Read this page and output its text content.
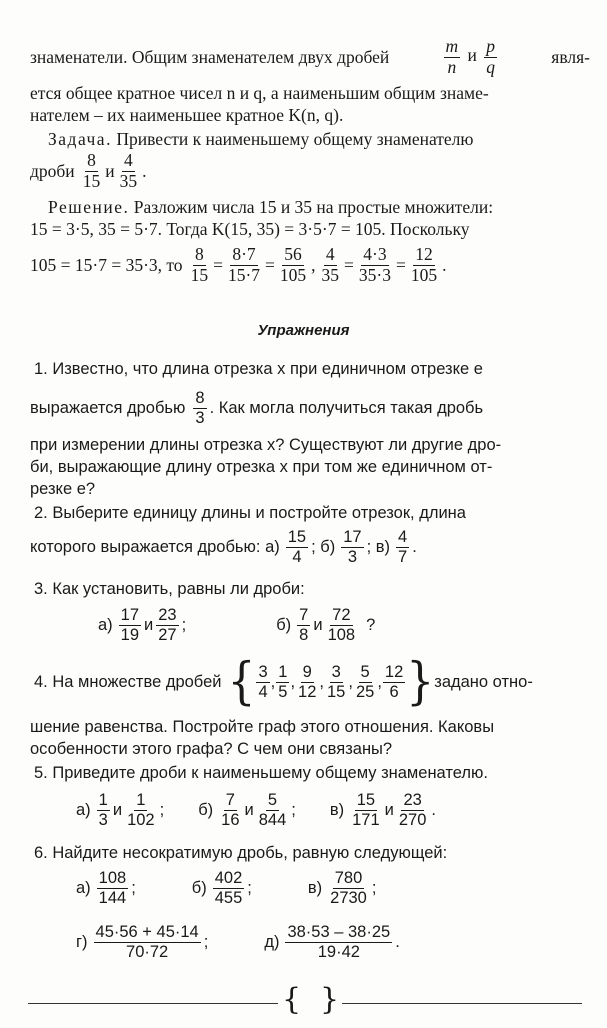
знаменатели. Общим знаменателем двух дробей	$\frac{m}{n}$ и $\frac{p}{q}$	явля-
ется общее кратное чисел n и q, а наименьшим общим знаме-
нателем – их наименьшее кратное K(n, q).
Задача. Привести к наименьшему общему знаменателю
дроби $\frac{8}{15}$ и $\frac{4}{35}$ .
Решение. Разложим числа 15 и 35 на простые множители:
15 = 3·5, 35 = 5·7. Тогда K(15, 35) = 3·5·7 = 105. Поскольку
105 = 15·7 = 35·3, то $\frac{8}{15} = \frac{8\cdot 7}{15\cdot 7} = \frac{56}{105}$ , $\frac{4}{35} = \frac{4\cdot 3}{35\cdot 3} = \frac{12}{105}$ .
Упражнения
1. Известно, что длина отрезка x при единичном отрезке e
выражается дробью $\frac{8}{3}$ . Как могла получиться такая дробь
при измерении длины отрезка x? Существуют ли другие дро-
би, выражающие длину отрезка x при том же единичном от-
резке e?
2. Выберите единицу длины и постройте отрезок, длина
которого выражается дробью: $а) \frac{15}{4}$ ; $б) \frac{17}{3}$ ; $в) \frac{4}{7}$ .
3. Как установить, равны ли дроби:
$а) \frac{17}{19}$ и $\frac{23}{27}$ ;	$б) \frac{7}{8}$ и $\frac{72}{108}$ ?
4. На множестве дробей { $\frac{3}{4}$ , $\frac{1}{5}$ , $\frac{9}{12}$ , $\frac{3}{15}$ , $\frac{5}{25}$ , $\frac{12}{6}$ } задано отно-
шение равенства. Постройте граф этого отношения. Каковы
особенности этого графа? С чем они связаны?
5. Приведите дроби к наименьшему общему знаменателю.
$а) \frac{1}{3}$ и $\frac{1}{102}$ ; $б) \frac{7}{16}$ и $\frac{5}{844}$ ; $в) \frac{15}{171}$ и $\frac{23}{270}$ .
6. Найдите несократимую дробь, равную следующей:
$а) \frac{108}{144}$ ;	$б) \frac{402}{455}$ ;	$в) \frac{780}{2730}$ ;
$г) \frac{45\cdot 56 + 45\cdot 14}{70\cdot 72}$ ;	$д) \frac{38\cdot 53 - 38\cdot 25}{19\cdot 42}$ .
{ }
